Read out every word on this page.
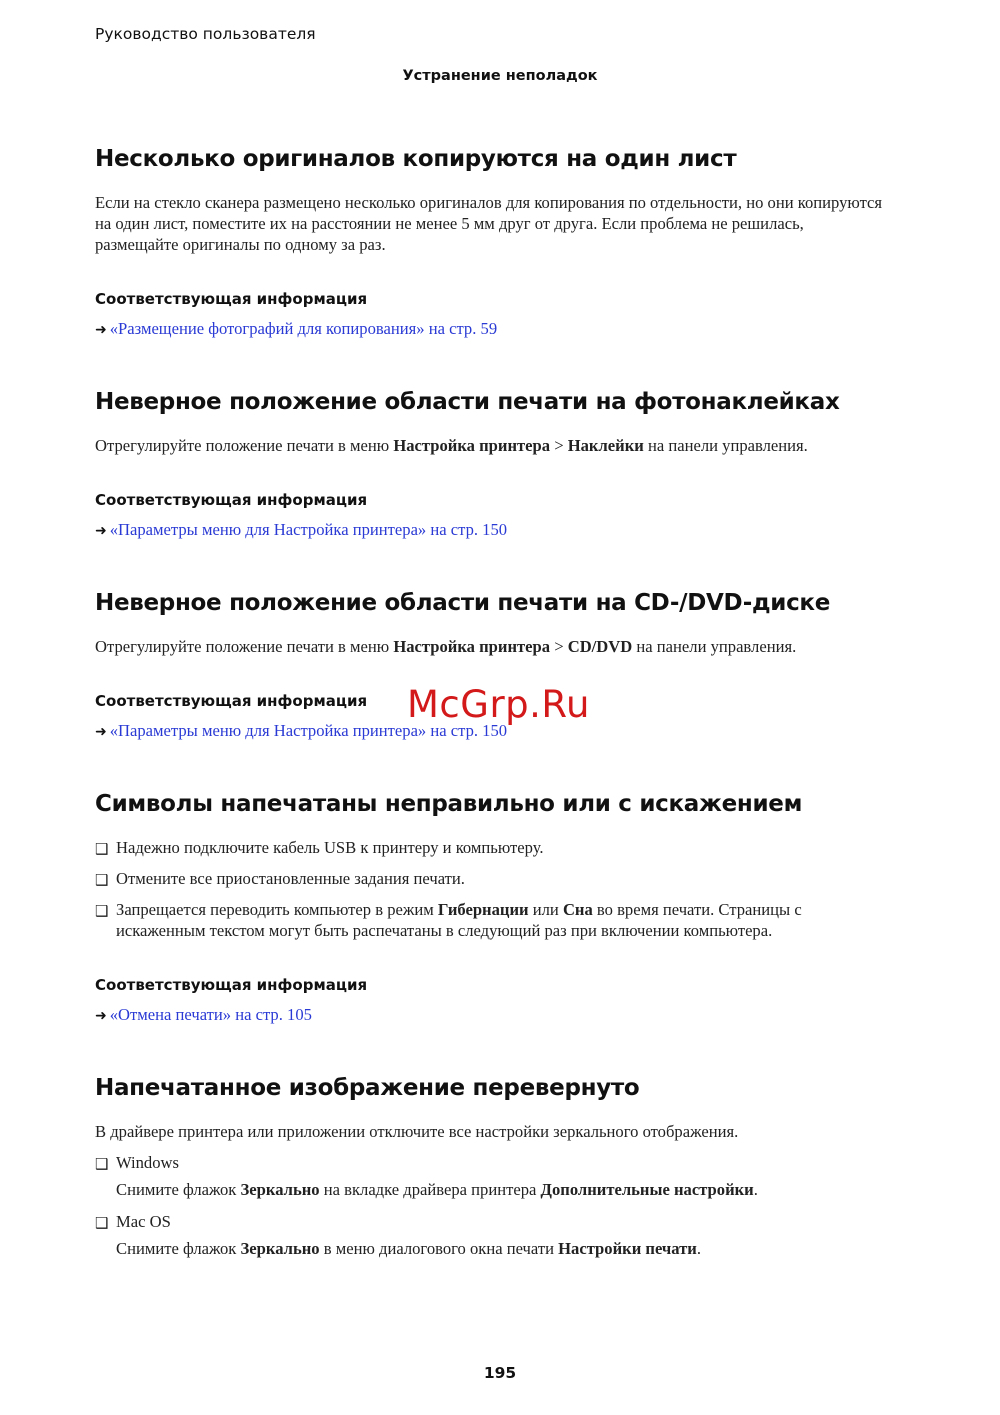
Руководство пользователя
Устранение неполадок
Несколько оригиналов копируются на один лист

Если на стекло сканера размещено несколько оригиналов для копирования по отдельности, но они копируются на один лист, поместите их на расстоянии не менее 5 мм друг от друга. Если проблема не решилась, размещайте оригиналы по одному за раз.

Соответствующая информация
➜ «Размещение фотографий для копирования» на стр. 59
Неверное положение области печати на фотонаклейках

Отрегулируйте положение печати в меню Настройка принтера > Наклейки на панели управления.

Соответствующая информация
➜ «Параметры меню для Настройка принтера» на стр. 150
Неверное положение области печати на CD-/DVD-диске

Отрегулируйте положение печати в меню Настройка принтера > CD/DVD на панели управления.

Соответствующая информация
➜ «Параметры меню для Настройка принтера» на стр. 150
McGrp.Ru
Символы напечатаны неправильно или с искажением
❑ Надежно подключите кабель USB к принтеру и компьютеру.
❑ Отмените все приостановленные задания печати.
❑ Запрещается переводить компьютер в режим Гибернации или Сна во время печати. Страницы с искаженным текстом могут быть распечатаны в следующий раз при включении компьютера.
Соответствующая информация
➜ «Отмена печати» на стр. 105
Напечатанное изображение перевернуто

В драйвере принтера или приложении отключите все настройки зеркального отображения.

❑ Windows
Снимите флажок Зеркально на вкладке драйвера принтера Дополнительные настройки.
❑ Mac OS
Снимите флажок Зеркально в меню диалогового окна печати Настройки печати.
195
